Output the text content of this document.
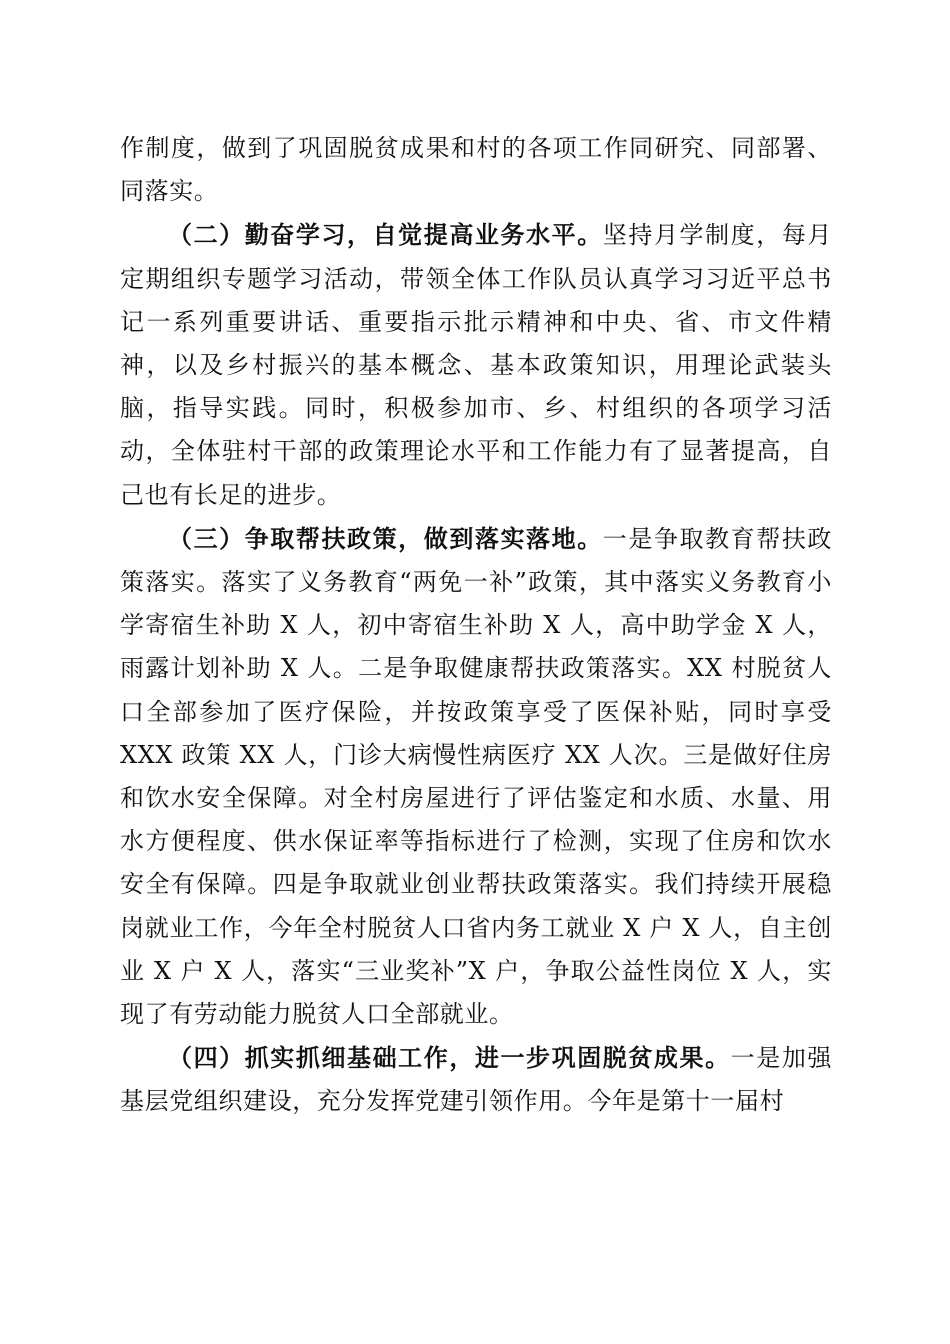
作制度，做到了巩固脱贫成果和村的各项工作同研究、同部署、同落实。

（二）勤奋学习，自觉提高业务水平。坚持月学制度，每月定期组织专题学习活动，带领全体工作队员认真学习习近平总书记一系列重要讲话、重要指示批示精神和中央、省、市文件精神，以及乡村振兴的基本概念、基本政策知识，用理论武装头脑，指导实践。同时，积极参加市、乡、村组织的各项学习活动，全体驻村干部的政策理论水平和工作能力有了显著提高，自己也有长足的进步。

（三）争取帮扶政策，做到落实落地。一是争取教育帮扶政策落实。落实了义务教育“两免一补”政策，其中落实义务教育小学寄宿生补助 X 人，初中寄宿生补助 X 人，高中助学金 X 人，雨露计划补助 X 人。二是争取健康帮扶政策落实。XX 村脱贫人口全部参加了医疗保险，并按政策享受了医保补贴，同时享受 XXX 政策 XX 人，门诊大病慢性病医疗 XX 人次。三是做好住房和饮水安全保障。对全村房屋进行了评估鉴定和水质、水量、用水方便程度、供水保证率等指标进行了检测，实现了住房和饮水安全有保障。四是争取就业创业帮扶政策落实。我们持续开展稳岗就业工作，今年全村脱贫人口省内务工就业 X 户 X 人，自主创业 X 户 X 人，落实“三业奖补”X 户，争取公益性岗位 X 人，实现了有劳动能力脱贫人口全部就业。

（四）抓实抓细基础工作，进一步巩固脱贫成果。一是加强基层党组织建设，充分发挥党建引领作用。今年是第十一届村
